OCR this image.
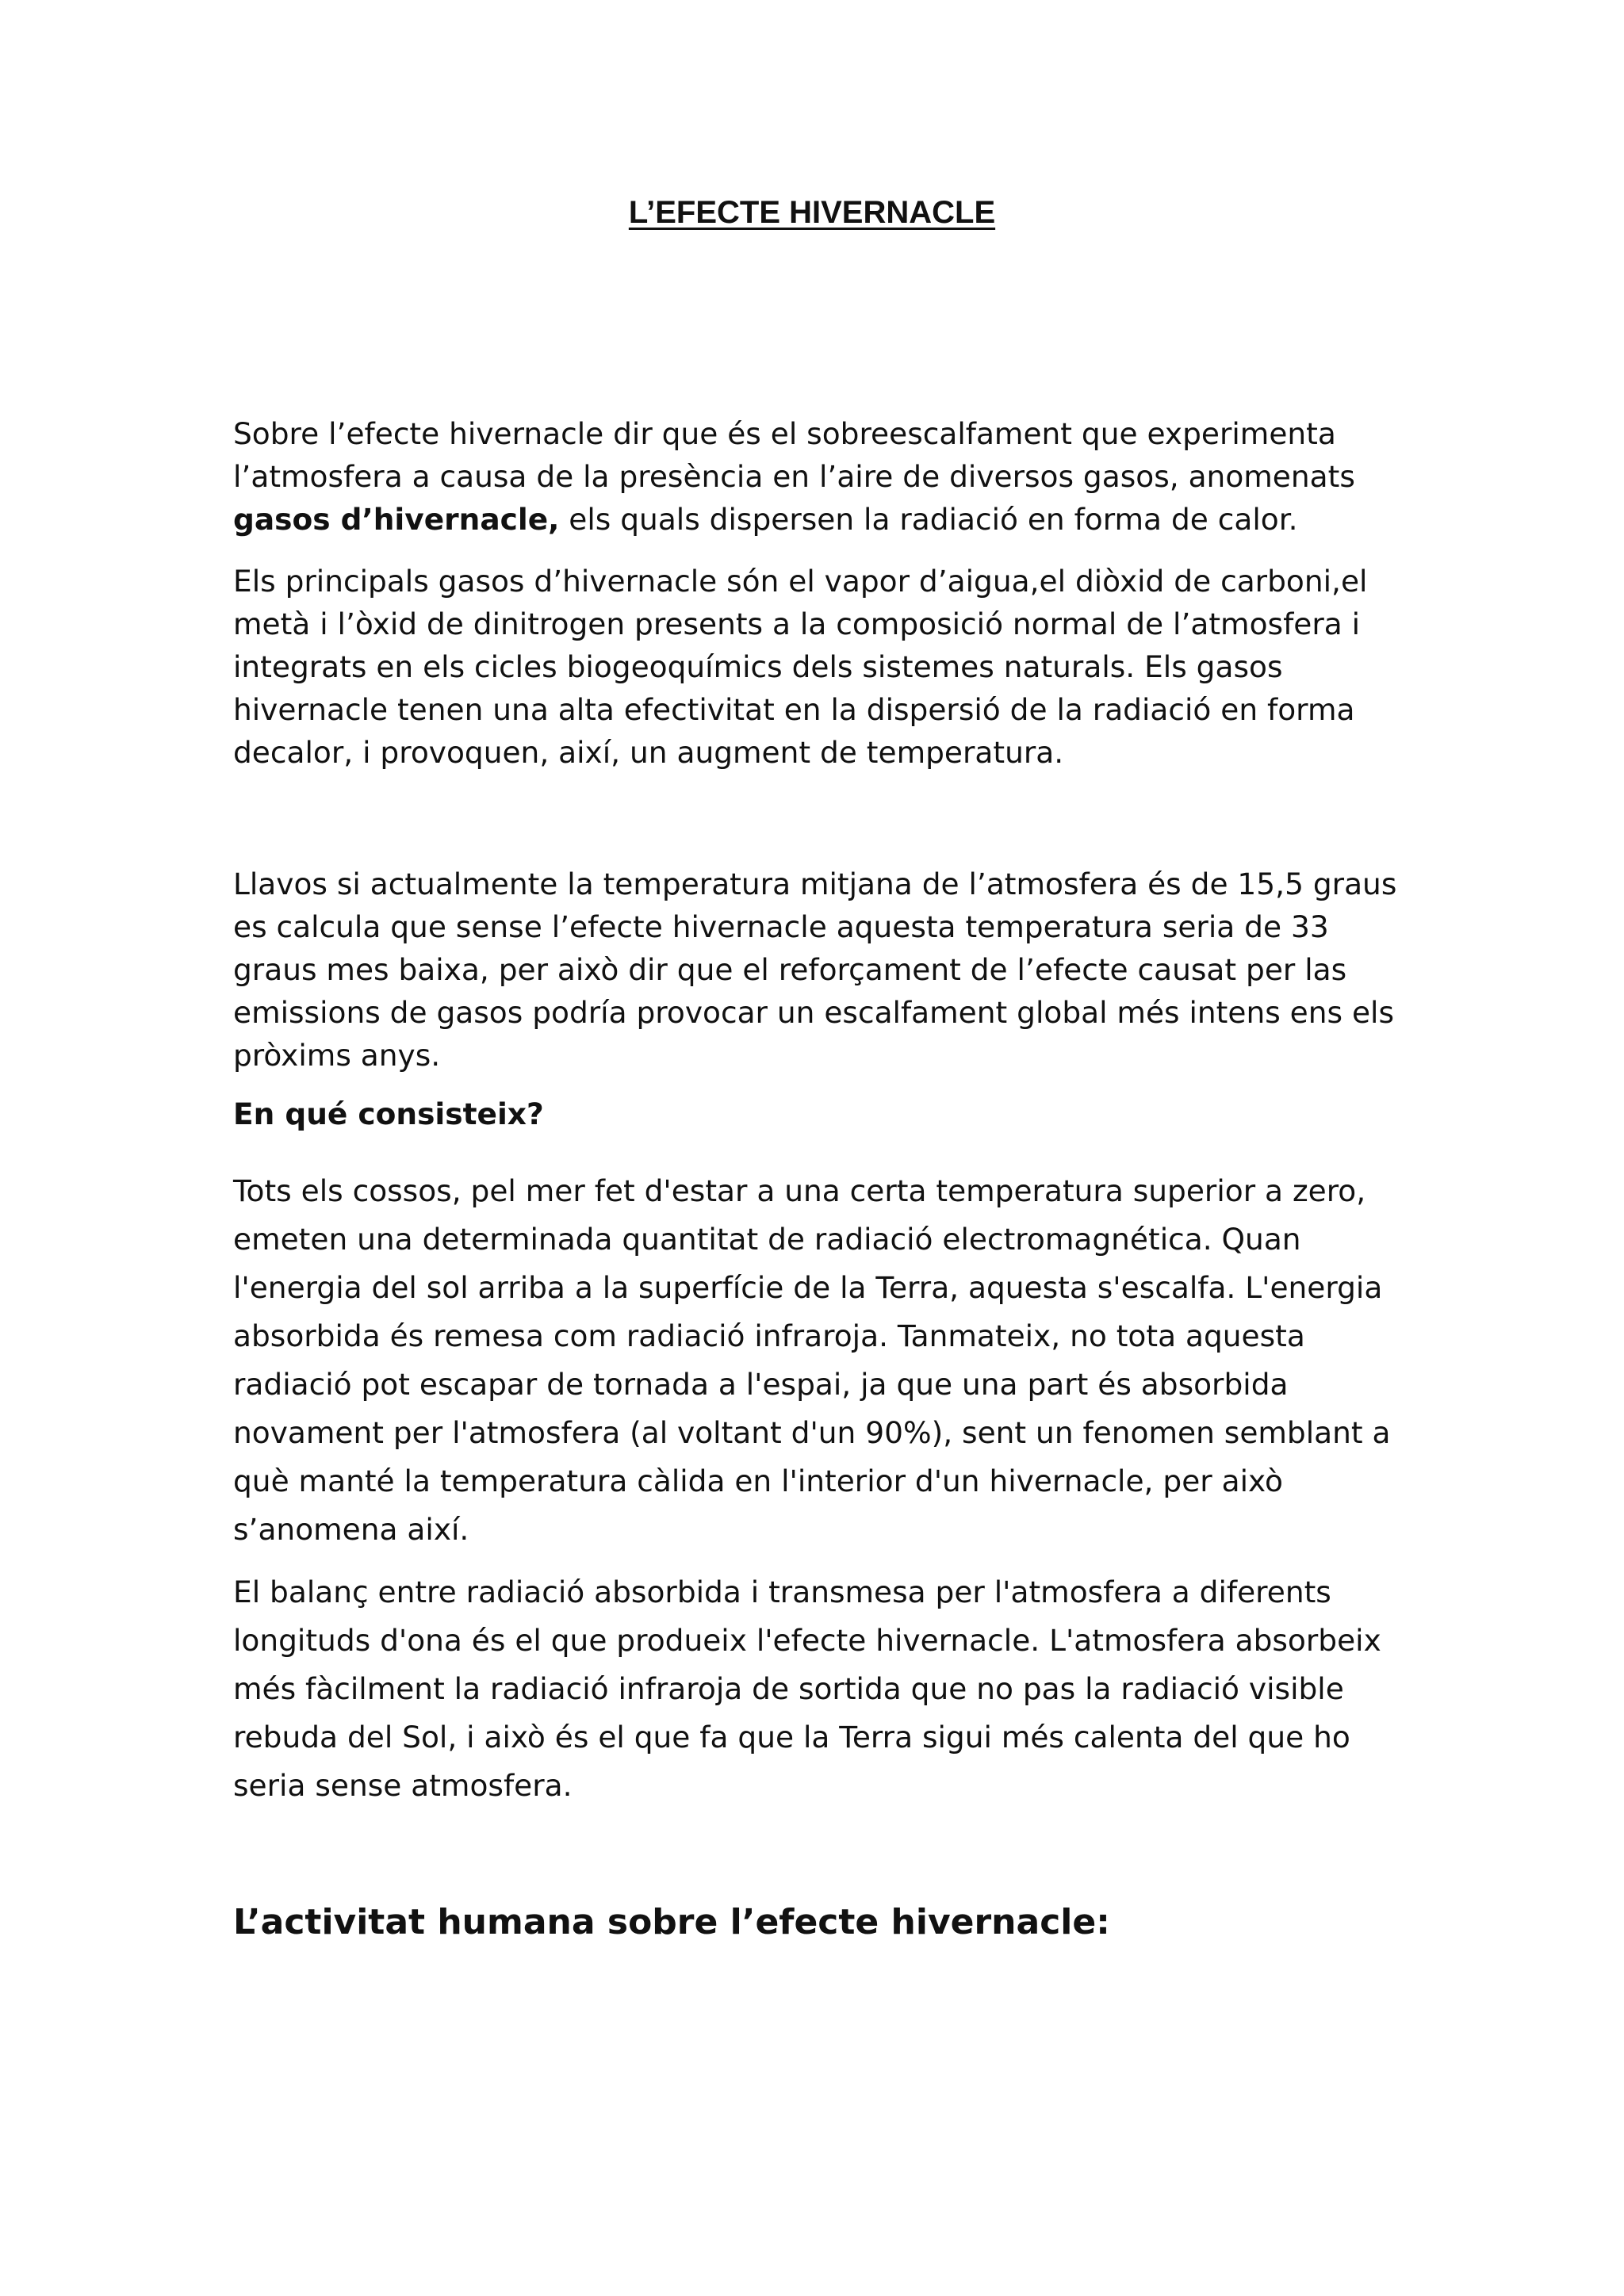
L’EFECTE HIVERNACLE

Sobre l’efecte hivernacle dir que és el sobreescalfament que experimenta l’atmosfera a causa de la presència en l’aire de diversos gasos, anomenats gasos d’hivernacle, els quals dispersen la radiació en forma de calor.

Els principals gasos d’hivernacle són el vapor d’aigua,el diòxid de carboni,el metà i l’òxid de dinitrogen presents a la composició normal de l’atmosfera i integrats en els cicles biogeoquímics dels sistemes naturals. Els gasos hivernacle tenen una alta efectivitat en la dispersió de la radiació en forma decalor, i provoquen, així, un augment de temperatura.

Llavos si actualmente la temperatura mitjana de l’atmosfera és de 15,5 graus es calcula que sense l’efecte hivernacle aquesta temperatura seria de 33 graus mes baixa, per això dir que el reforçament de l’efecte causat per las emissions de gasos podría provocar un escalfament global més intens ens els pròxims anys.

En qué consisteix?

Tots els cossos, pel mer fet d'estar a una certa temperatura superior a zero, emeten una determinada quantitat de radiació electromagnética. Quan l'energia del sol arriba a la superfície de la Terra, aquesta s'escalfa. L'energia absorbida és remesa com radiació infraroja. Tanmateix, no tota aquesta radiació pot escapar de tornada a l'espai, ja que una part és absorbida novament per l'atmosfera (al voltant d'un 90%), sent un fenomen semblant a què manté la temperatura càlida en l'interior d'un hivernacle, per això s’anomena així.

El balanç entre radiació absorbida i transmesa per l'atmosfera a diferents longituds d'ona és el que produeix l'efecte hivernacle. L'atmosfera absorbeix més fàcilment la radiació infraroja de sortida que no pas la radiació visible rebuda del Sol, i això és el que fa que la Terra sigui més calenta del que ho seria sense atmosfera.

L’activitat humana sobre l’efecte hivernacle:
